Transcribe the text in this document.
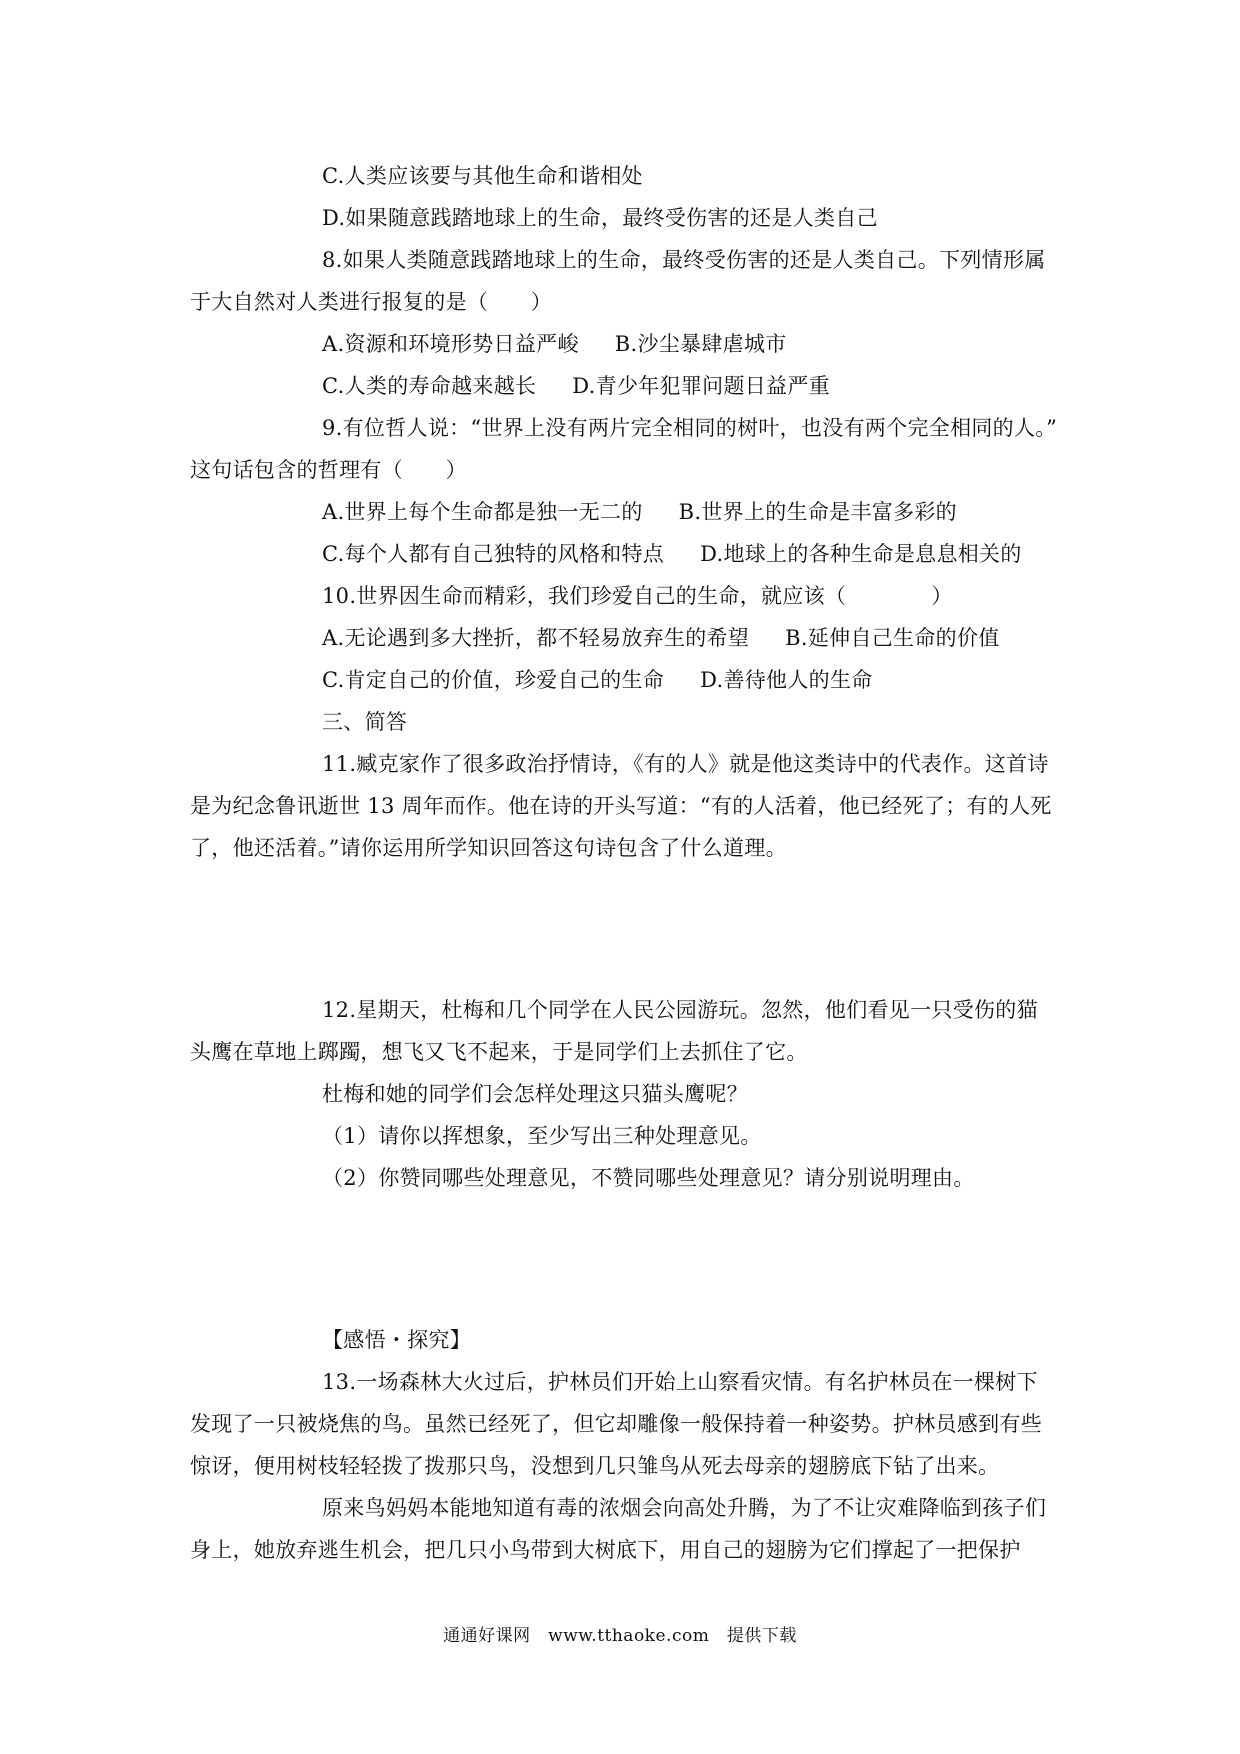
C.人类应该要与其他生命和谐相处
D.如果随意践踏地球上的生命，最终受伤害的还是人类自己
8.如果人类随意践踏地球上的生命，最终受伤害的还是人类自己。下列情形属
于大自然对人类进行报复的是（　　）
A.资源和环境形势日益严峻 B.沙尘暴肆虐城市
C.人类的寿命越来越长 D.青少年犯罪问题日益严重
9.有位哲人说：“世界上没有两片完全相同的树叶，也没有两个完全相同的人。”
这句话包含的哲理有（　　）
A.世界上每个生命都是独一无二的 B.世界上的生命是丰富多彩的
C.每个人都有自己独特的风格和特点 D.地球上的各种生命是息息相关的
10.世界因生命而精彩，我们珍爱自己的生命，就应该（　　　　）
A.无论遇到多大挫折，都不轻易放弃生的希望 B.延伸自己生命的价值
C.肯定自己的价值，珍爱自己的生命 D.善待他人的生命
三、简答
11.臧克家作了很多政治抒情诗，《有的人》就是他这类诗中的代表作。这首诗
是为纪念鲁讯逝世 13 周年而作。他在诗的开头写道：“有的人活着，他已经死了；有的人死
了，他还活着。”请你运用所学知识回答这句诗包含了什么道理。
12.星期天，杜梅和几个同学在人民公园游玩。忽然，他们看见一只受伤的猫
头鹰在草地上踯躅，想飞又飞不起来，于是同学们上去抓住了它。
杜梅和她的同学们会怎样处理这只猫头鹰呢？
（1）请你以挥想象，至少写出三种处理意见。
（2）你赞同哪些处理意见，不赞同哪些处理意见？请分别说明理由。
【感悟・探究】
13.一场森林大火过后，护林员们开始上山察看灾情。有名护林员在一棵树下
发现了一只被烧焦的鸟。虽然已经死了，但它却雕像一般保持着一种姿势。护林员感到有些
惊讶，便用树枝轻轻拨了拨那只鸟，没想到几只雏鸟从死去母亲的翅膀底下钻了出来。
原来鸟妈妈本能地知道有毒的浓烟会向高处升腾，为了不让灾难降临到孩子们
身上，她放弃逃生机会，把几只小鸟带到大树底下，用自己的翅膀为它们撑起了一把保护
通通好课网　www.tthaoke.com　提供下载
